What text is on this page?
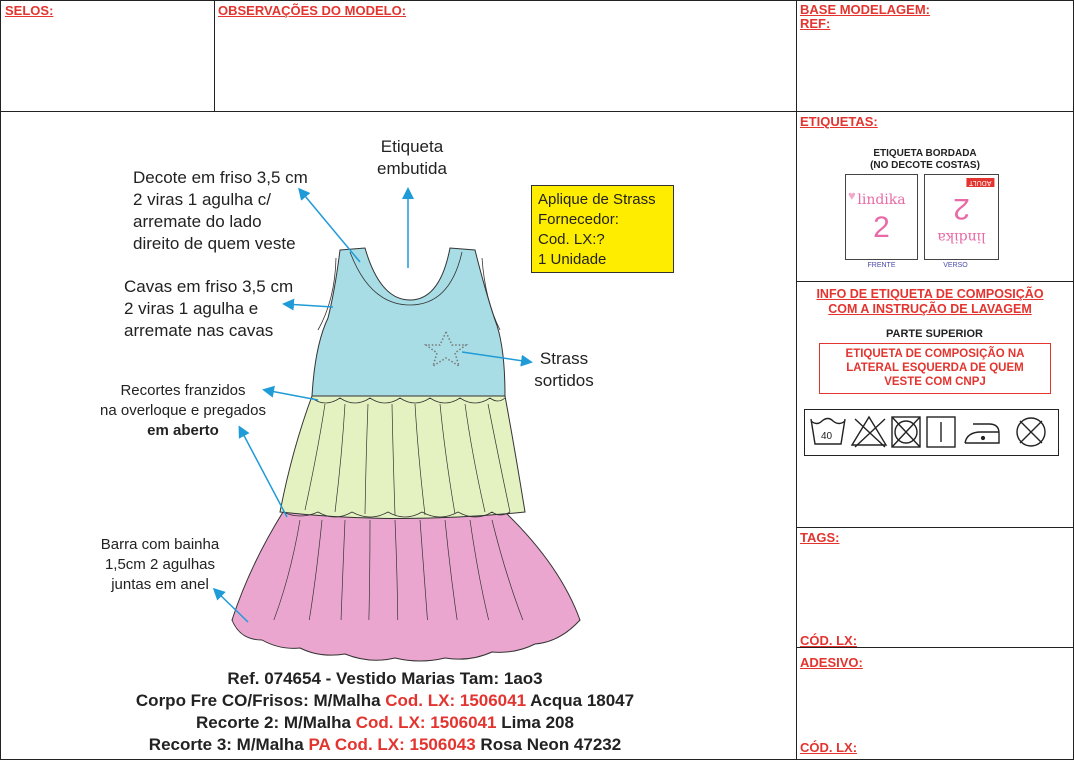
SELOS:	OBSERVAÇÕES DO MODELO:	BASE MODELAGEM:
REF:
ETIQUETAS:
ETIQUETA BORDADA
(NO DECOTE COSTAS)
lindika
♥
2
ADULT
2
lindika
FRENTE	VERSO
INFO DE ETIQUETA DE COMPOSIÇÃO
COM A INSTRUÇÃO DE LAVAGEM
PARTE SUPERIOR
ETIQUETA DE COMPOSIÇÃO NA
LATERAL ESQUERDA DE QUEM
VESTE COM CNPJ
40
TAGS:
CÓD. LX:
ADESIVO:
CÓD. LX:
Etiqueta
embutida
Decote em friso 3,5 cm
2 viras 1 agulha c/
arremate do lado
direito de quem veste
Cavas em friso 3,5 cm
2 viras 1 agulha e
arremate nas cavas
Recortes franzidos
na overloque e pregados
em aberto
Barra com bainha
1,5cm 2 agulhas
juntas em anel
Strass
sortidos
Aplique de Strass
Fornecedor:
Cod. LX:?
1 Unidade
Ref. 074654 - Vestido Marias Tam: 1ao3
Corpo Fre CO/Frisos: M/Malha Cod. LX: 1506041 Acqua 18047
Recorte 2: M/Malha Cod. LX: 1506041 Lima 208
Recorte 3: M/Malha PA Cod. LX: 1506043 Rosa Neon 47232
